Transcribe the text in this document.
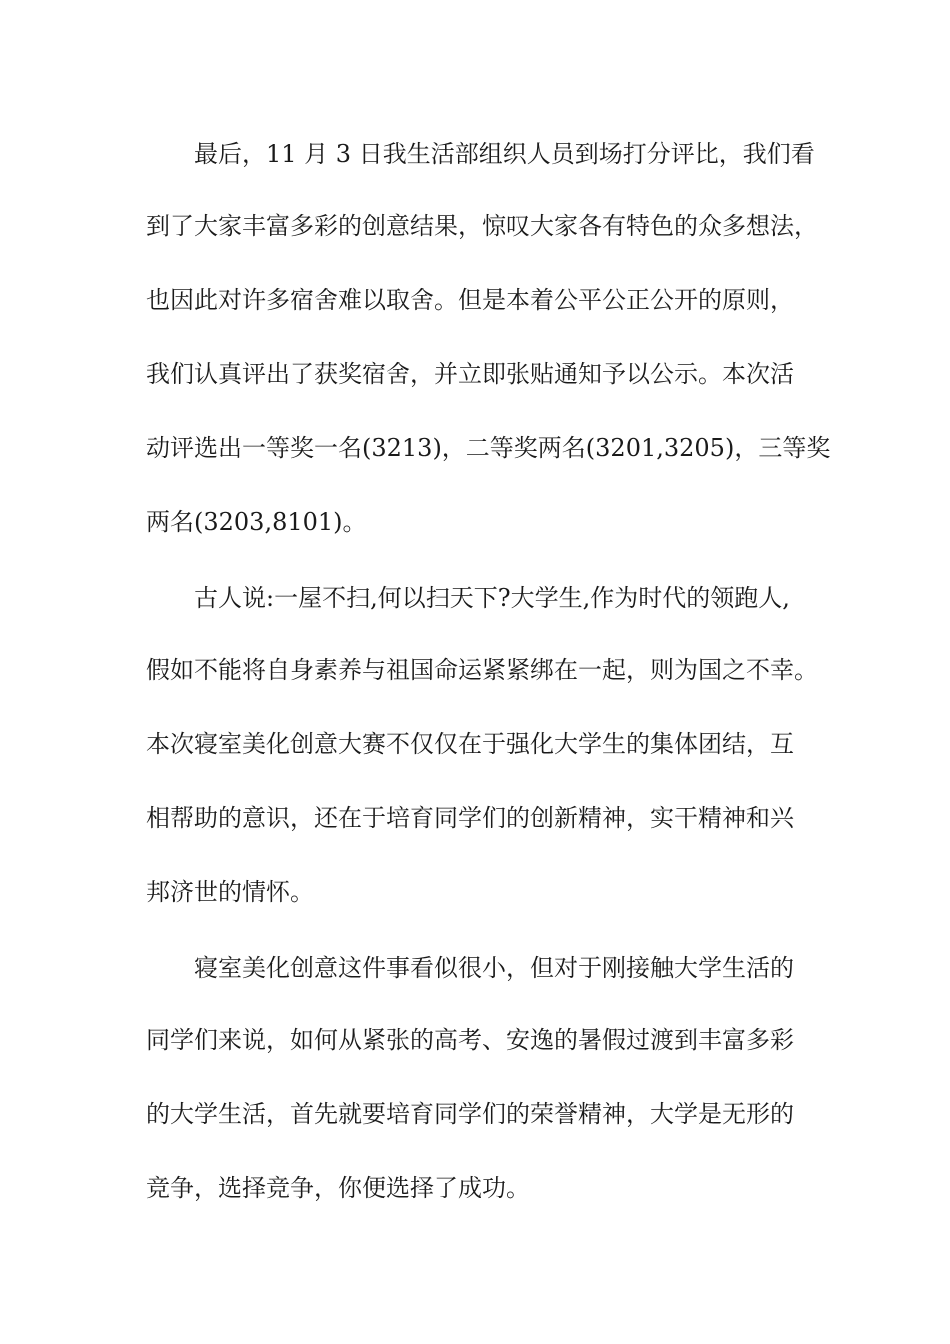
最后，11 月 3 日我生活部组织人员到场打分评比，我们看
到了大家丰富多彩的创意结果，惊叹大家各有特色的众多想法，
也因此对许多宿舍难以取舍。但是本着公平公正公开的原则，
我们认真评出了获奖宿舍，并立即张贴通知予以公示。本次活
动评选出一等奖一名(3213)，二等奖两名(3201,3205)，三等奖
两名(3203,8101)。
古人说:一屋不扫,何以扫天下?大学生,作为时代的领跑人,
假如不能将自身素养与祖国命运紧紧绑在一起，则为国之不幸。
本次寝室美化创意大赛不仅仅在于强化大学生的集体团结，互
相帮助的意识，还在于培育同学们的创新精神，实干精神和兴
邦济世的情怀。
寝室美化创意这件事看似很小，但对于刚接触大学生活的
同学们来说，如何从紧张的高考、安逸的暑假过渡到丰富多彩
的大学生活，首先就要培育同学们的荣誉精神，大学是无形的
竞争，选择竞争，你便选择了成功。
